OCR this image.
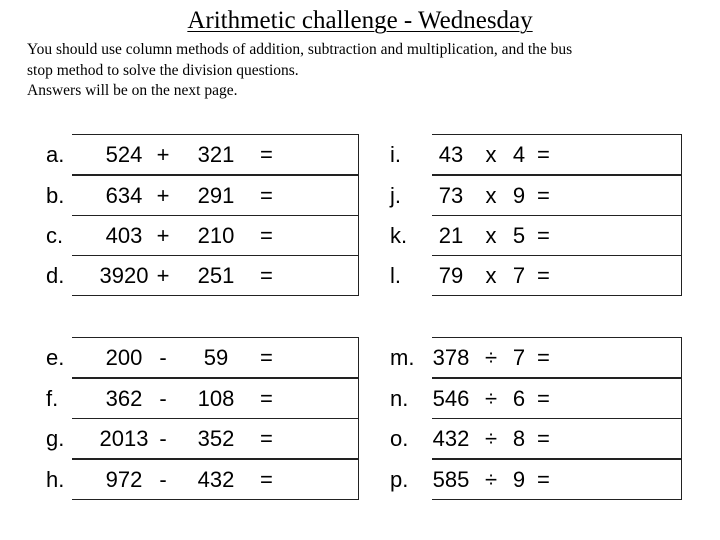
Arithmetic challenge - Wednesday
You should use column methods of addition, subtraction and multiplication, and the bus
stop method to solve the division questions.
Answers will be on the next page.
a.	524 +	321	=	i.	43	x 4 =
b.	634 +	291	=	j.	73	x 9 =
c.	403 +	210	=	k.	21	x 5 =
d.	3920 +	251	=	l.	79	x 7 =
e.	200 -	59	=	m. 378 ÷ 7 =
f.	362 -	108	=	n. 546 ÷ 6 =
g.	2013 -	352	=	o. 432 ÷ 8 =
h.	972 -	432	=	p. 585 ÷ 9 =
